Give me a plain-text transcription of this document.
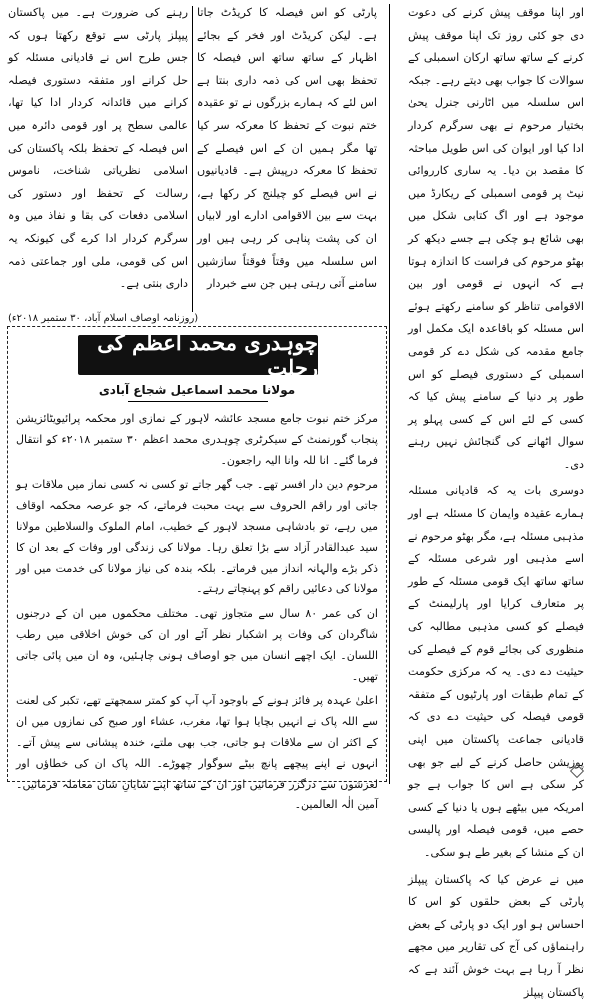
اور اپنا موقف پیش کرنے کی دعوت دی جو کئی روز تک اپنا موقف پیش کرنے کے ساتھ ساتھ ارکان اسمبلی کے سوالات کا جواب بھی دیتے رہے۔ جبکہ اس سلسلہ میں اٹارنی جنرل یحیٰ بختیار مرحوم نے بھی سرگرم کردار ادا کیا اور ایوان کی اس طویل مباحثہ کا مقصد بن دیا۔ یہ ساری کارروائی نیٹ پر قومی اسمبلی کے ریکارڈ میں موجود ہے اور اگ کتابی شکل میں بھی شائع ہو چکی ہے جسے دیکھ کر بھٹو مرحوم کی فراست کا اندازہ ہوتا ہے کہ انہوں نے قومی اور بین الاقوامی تناظر کو سامنے رکھتے ہوئے اس مسئلہ کو باقاعدہ ایک مکمل اور جامع مقدمہ کی شکل دے کر قومی اسمبلی کے دستوری فیصلے کو اس طور پر دنیا کے سامنے پیش کیا کہ کسی کے لئے اس کے کسی پہلو پر سوال اٹھانے کی گنجائش نہیں رہنے دی۔

دوسری بات یہ کہ قادیانی مسئلہ ہمارے عقیدہ وایمان کا مسئلہ ہے اور مذہبی مسئلہ ہے، مگر بھٹو مرحوم نے اسے مذہبی اور شرعی مسئلہ کے ساتھ ساتھ ایک قومی مسئلہ کے طور پر متعارف کرایا اور پارلیمنٹ کے فیصلے کو کسی مذہبی مطالبہ کی منظوری کی بجائے قوم کے فیصلے کی حیثیت دے دی۔ یہ کہ مرکزی حکومت کے تمام طبقات اور پارٹیوں کے متفقہ قومی فیصلہ کی حیثیت دے دی کہ قادیانی جماعت پاکستان میں اپنی پوزیشن حاصل کرنے کے لیے جو بھی کر سکی ہے اس کا جواب ہے جو امریکہ میں بیٹھے ہوں یا دنیا کے کسی حصے میں، قومی فیصلہ اور پالیسی ان کے منشا کے بغیر طے ہو سکی۔

میں نے عرض کیا کہ پاکستان پیپلز پارٹی کے بعض حلقوں کو اس کا احساس ہو اور ایک دو پارٹی کے بعض راہنماؤں کی آج کی تقاریر میں مجھے نظر آ رہا ہے بہت خوش آئند ہے کہ پاکستان پیپلز

پارٹی کو اس فیصلہ کا کریڈٹ جاتا ہے۔ لیکن کریڈٹ اور فخر کے بجائے اظہار کے ساتھ ساتھ اس فیصلہ کا تحفظ بھی اس کی ذمہ داری بنتا ہے اس لئے کہ ہمارے بزرگوں نے تو عقیدہ ختم نبوت کے تحفظ کا معرکہ سر کیا تھا مگر ہمیں ان کے اس فیصلے کے تحفظ کا معرکہ درپیش ہے۔ قادیانیوں نے اس فیصلے کو چیلنج کر رکھا ہے، بہت سے بین الاقوامی ادارے اور لابیاں ان کی پشت پناہی کر رہی ہیں اور اس سلسلہ میں وقتاً فوقتاً سازشیں سامنے آتی رہتی ہیں جن سے خبردار

رہنے کی ضرورت ہے۔ میں پاکستان پیپلز پارٹی سے توقع رکھتا ہوں کہ جس طرح اس نے قادیانی مسئلہ کو حل کرانے اور متفقہ دستوری فیصلہ کرانے میں قائدانہ کردار ادا کیا تھا، عالمی سطح پر اور قومی دائرہ میں اس فیصلہ کے تحفظ بلکہ پاکستان کی اسلامی نظریاتی شناخت، ناموس رسالت کے تحفظ اور دستور کی اسلامی دفعات کی بقا و نفاذ میں وہ سرگرم کردار ادا کرے گی کیونکہ یہ اس کی قومی، ملی اور جماعتی ذمہ داری بنتی ہے۔

(روزنامہ اوصاف اسلام آباد، ۳۰ ستمبر ۲۰۱۸ء)
چوہدری محمد اعظم کی رحلت
مولانا محمد اسماعیل شجاع آبادی

مرکز ختم نبوت جامع مسجد عائشہ لاہور کے نمازی اور محکمہ پرائیویٹائزیشن پنجاب گورنمنٹ کے سیکرٹری چوہدری محمد اعظم ۳۰ ستمبر ۲۰۱۸ء کو انتقال فرما گئے۔ انا للہ وانا الیہ راجعون۔

مرحوم دین دار افسر تھے۔ جب گھر جاتے تو کسی نہ کسی نماز میں ملاقات ہو جاتی اور راقم الحروف سے بہت محبت فرماتے، کہ جو عرصہ محکمہ اوقاف میں رہے، تو بادشاہی مسجد لاہور کے خطیب، امام الملوک والسلاطین مولانا سید عبدالقادر آزاد سے بڑا تعلق رہا۔ مولانا کی زندگی اور وفات کے بعد ان کا ذکر بڑے والہانہ انداز میں فرماتے۔ بلکہ بندہ کی نیاز مولانا کی خدمت میں اور مولانا کی دعائیں راقم کو پہنچاتے رہتے۔

ان کی عمر ۸۰ سال سے متجاوز تھی۔ مختلف محکموں میں ان کے درجنوں شاگردان کی وفات پر اشکبار نظر آئے اور ان کی خوش اخلاقی میں رطب اللسان۔ ایک اچھے انسان میں جو اوصاف ہونی چاہئیں، وہ ان میں پائی جاتی تھیں۔

اعلیٰ عہدہ پر فائز ہونے کے باوجود آپ آپ کو کمتر سمجھتے تھے، تکبر کی لعنت سے اللہ پاک نے انہیں بچایا ہوا تھا، مغرب، عشاء اور صبح کی نمازوں میں ان کے اکثر ان سے ملاقات ہو جاتی، جب بھی ملتے، خندہ پیشانی سے پیش آتے۔ انہوں نے اپنے پیچھے پانچ بیٹے سوگوار چھوڑے۔ اللہ پاک ان کی خطاؤں اور لغزشوں سے درگزر فرمائیں اور ان کے ساتھ اپنے شایانِ شان معاملہ فرمائیں۔ آمین الٰہ العالمین۔
